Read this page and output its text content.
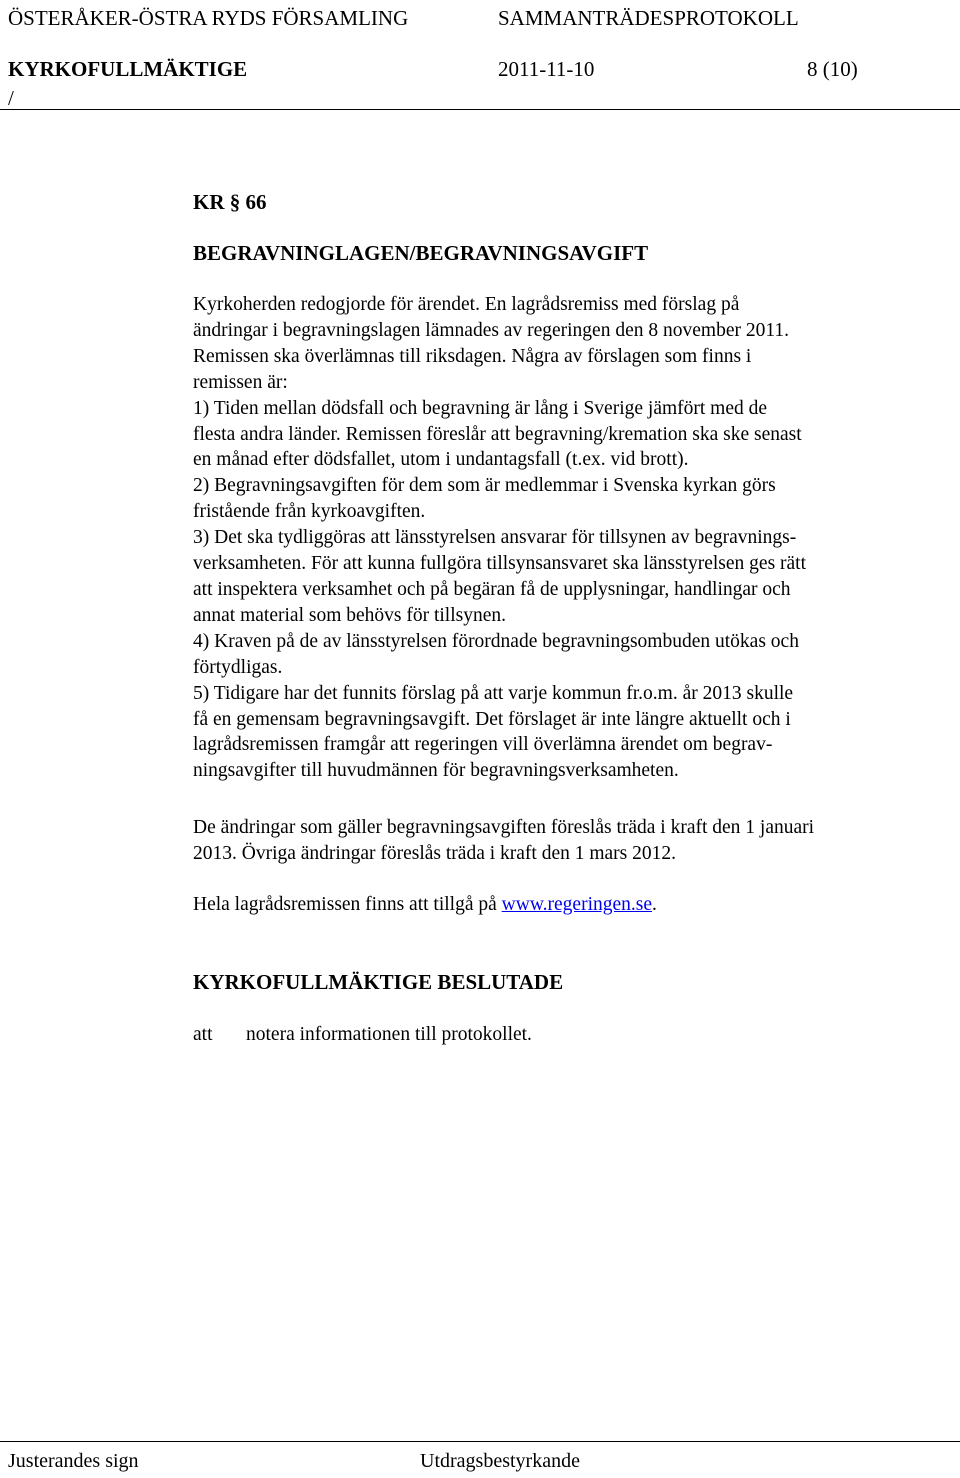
ÖSTERÅKER-ÖSTRA RYDS FÖRSAMLING	SAMMANTRÄDESPROTOKOLL
KYRKOFULLMÄKTIGE	2011-11-10	8 (10)
/
KR § 66
BEGRAVNINGLAGEN/BEGRAVNINGSAVGIFT
Kyrkoherden redogjorde för ärendet. En lagrådsremiss med förslag på
ändringar i begravningslagen lämnades av regeringen den 8 november 2011.
Remissen ska överlämnas till riksdagen. Några av förslagen som finns i
remissen är:
1) Tiden mellan dödsfall och begravning är lång i Sverige jämfört med de
flesta andra länder. Remissen föreslår att begravning/kremation ska ske senast
en månad efter dödsfallet, utom i undantagsfall (t.ex. vid brott).
2) Begravningsavgiften för dem som är medlemmar i Svenska kyrkan görs
fristående från kyrkoavgiften.
3) Det ska tydliggöras att länsstyrelsen ansvarar för tillsynen av begravnings-
verksamheten. För att kunna fullgöra tillsynsansvaret ska länsstyrelsen ges rätt
att inspektera verksamhet och på begäran få de upplysningar, handlingar och
annat material som behövs för tillsynen.
4) Kraven på de av länsstyrelsen förordnade begravningsombuden utökas och
förtydligas.
5) Tidigare har det funnits förslag på att varje kommun fr.o.m. år 2013 skulle
få en gemensam begravningsavgift. Det förslaget är inte längre aktuellt och i
lagrådsremissen framgår att regeringen vill överlämna ärendet om begrav-
ningsavgifter till huvudmännen för begravningsverksamheten.
De ändringar som gäller begravningsavgiften föreslås träda i kraft den 1 januari
2013. Övriga ändringar föreslås träda i kraft den 1 mars 2012.
Hela lagrådsremissen finns att tillgå på www.regeringen.se.
KYRKOFULLMÄKTIGE BESLUTADE
att notera informationen till protokollet.
Justerandes sign	Utdragsbestyrkande
